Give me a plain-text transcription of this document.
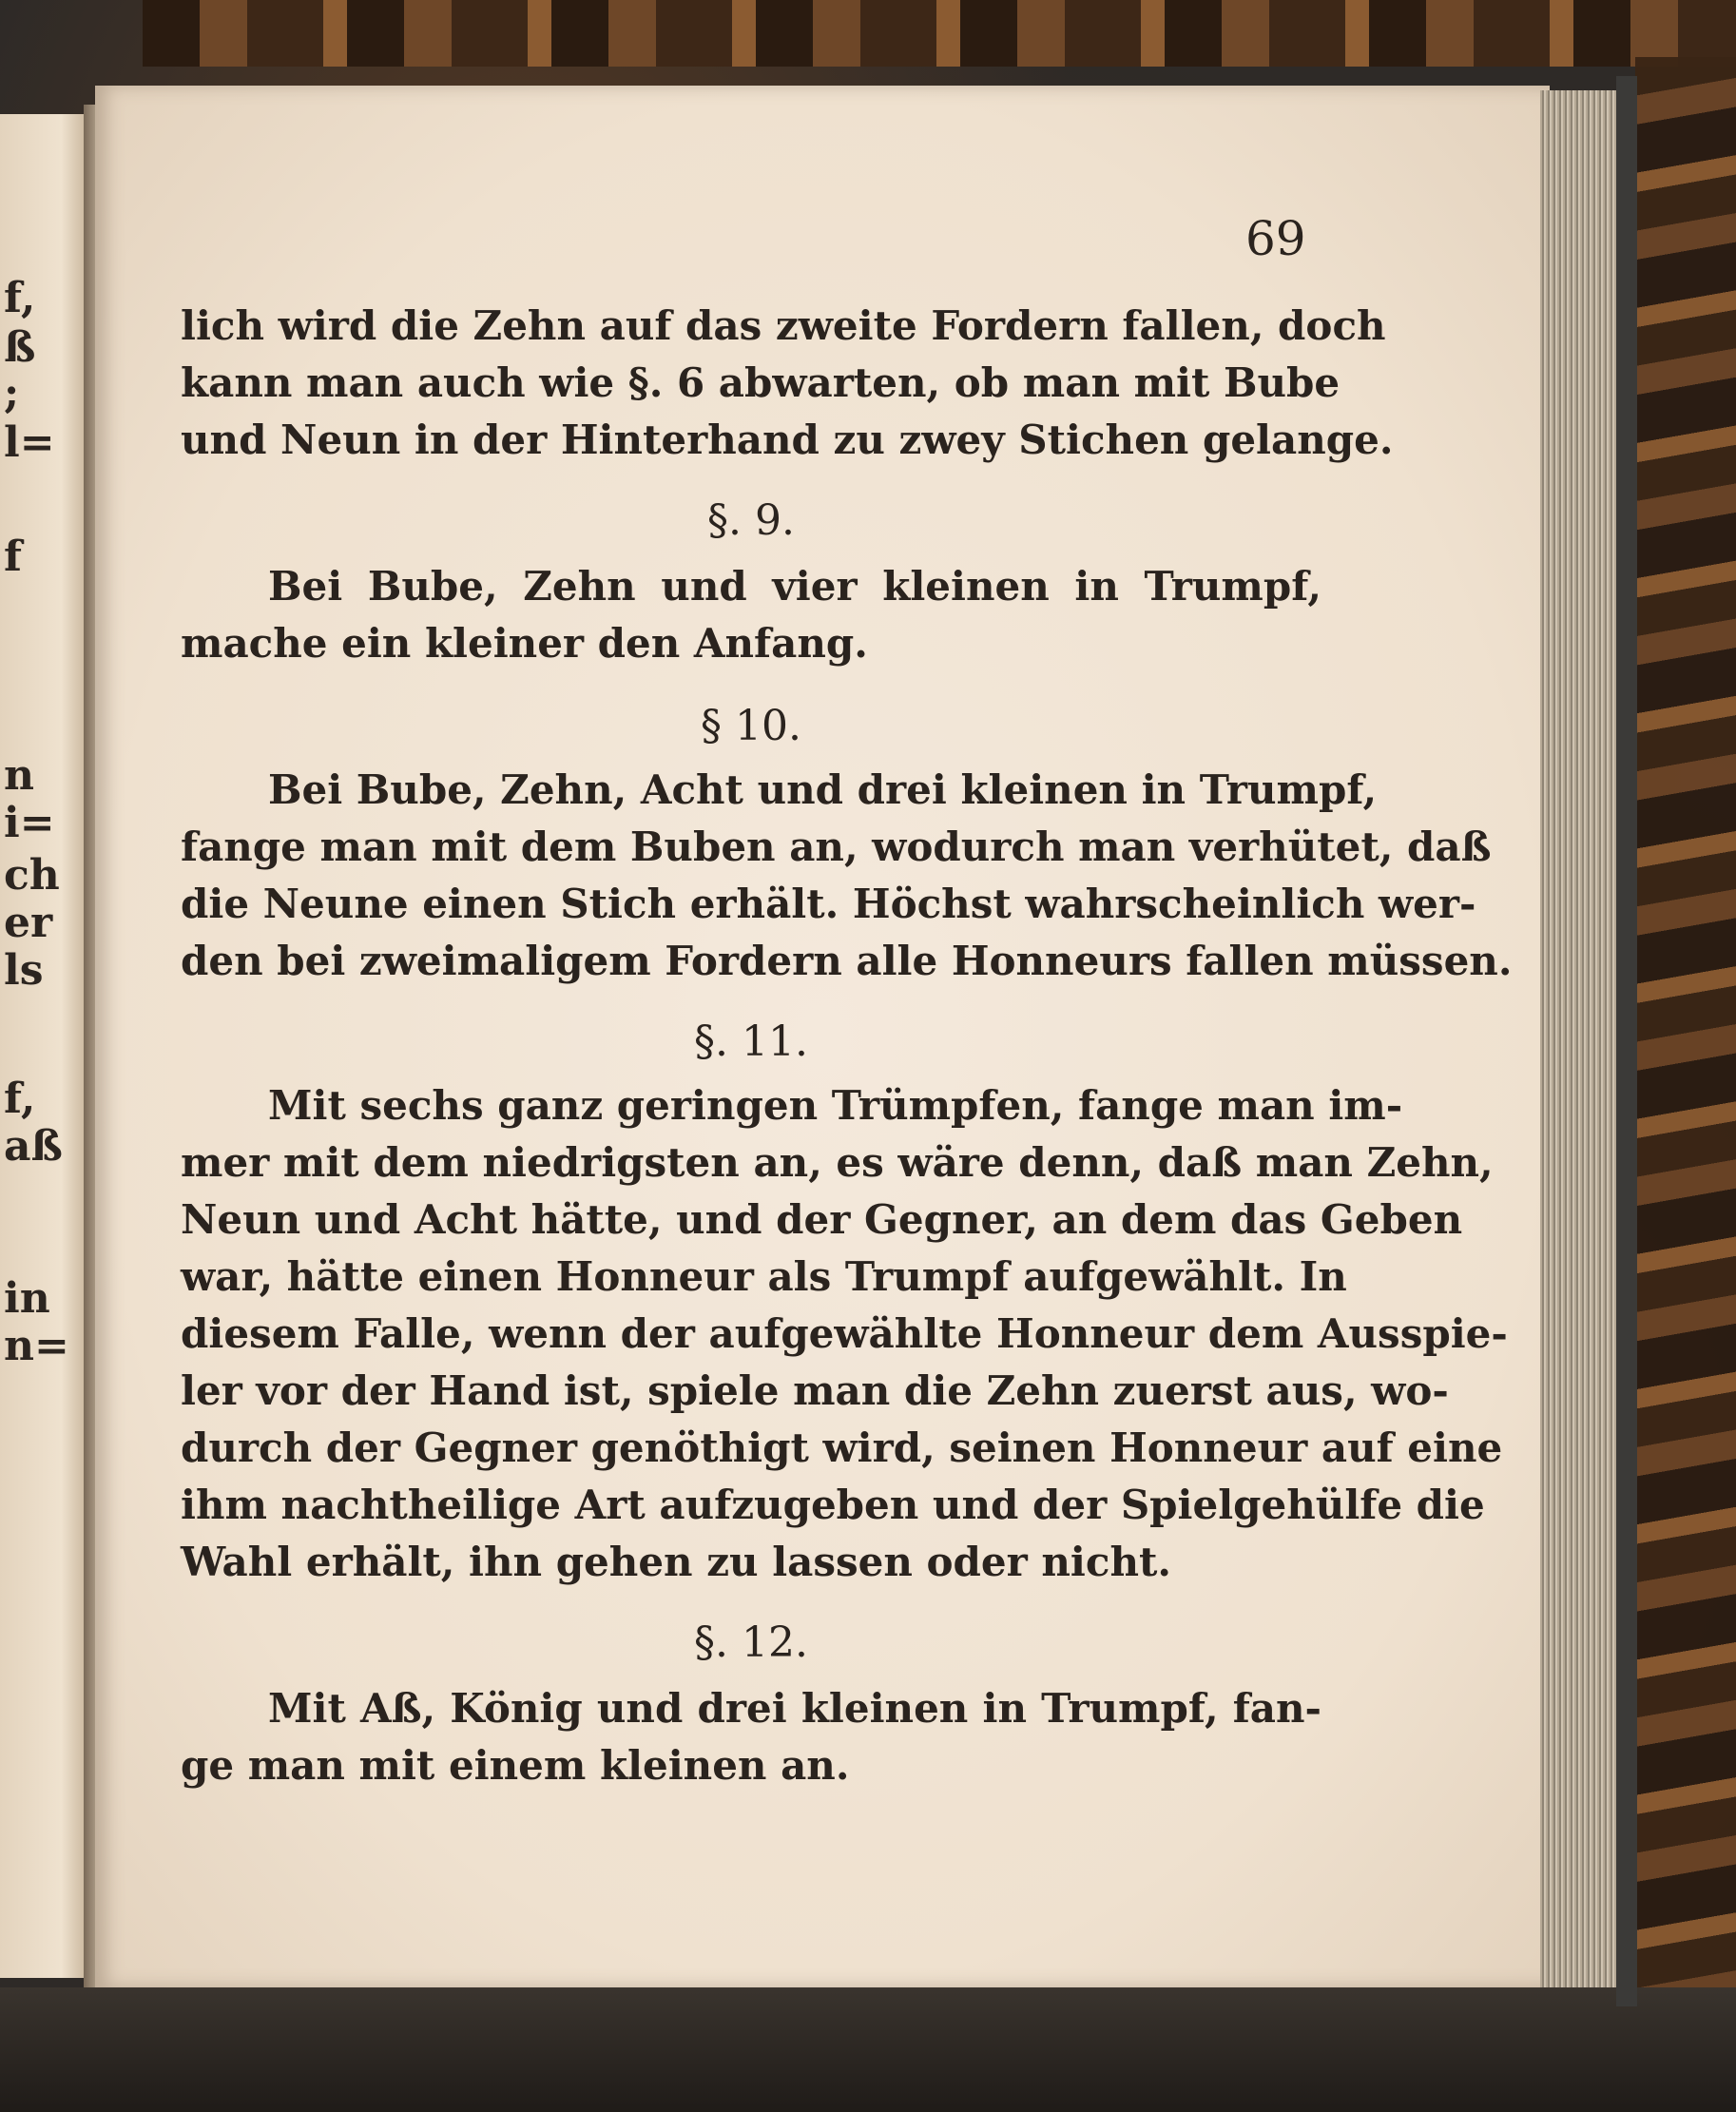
f,
ß
;
l=
f
n
i=
ch
er
ls
f,
aß
in
n=
69
lich wird die Zehn auf das zweite Fordern fallen, doch
kann man auch wie §. 6 abwarten, ob man mit Bube
und Neun in der Hinterhand zu zwey Stichen gelange.
§. 9.
Bei Bube, Zehn und vier kleinen in Trumpf,
mache ein kleiner den Anfang.
§ 10.
Bei Bube, Zehn, Acht und drei kleinen in Trumpf,
fange man mit dem Buben an, wodurch man verhütet, daß
die Neune einen Stich erhält. Höchst wahrscheinlich wer-
den bei zweimaligem Fordern alle Honneurs fallen müssen.
§. 11.
Mit sechs ganz geringen Trümpfen, fange man im-
mer mit dem niedrigsten an, es wäre denn, daß man Zehn,
Neun und Acht hätte, und der Gegner, an dem das Geben
war, hätte einen Honneur als Trumpf aufgewählt. In
diesem Falle, wenn der aufgewählte Honneur dem Ausspie-
ler vor der Hand ist, spiele man die Zehn zuerst aus, wo-
durch der Gegner genöthigt wird, seinen Honneur auf eine
ihm nachtheilige Art aufzugeben und der Spielgehülfe die
Wahl erhält, ihn gehen zu lassen oder nicht.
§. 12.
Mit Aß, König und drei kleinen in Trumpf, fan-
ge man mit einem kleinen an.
